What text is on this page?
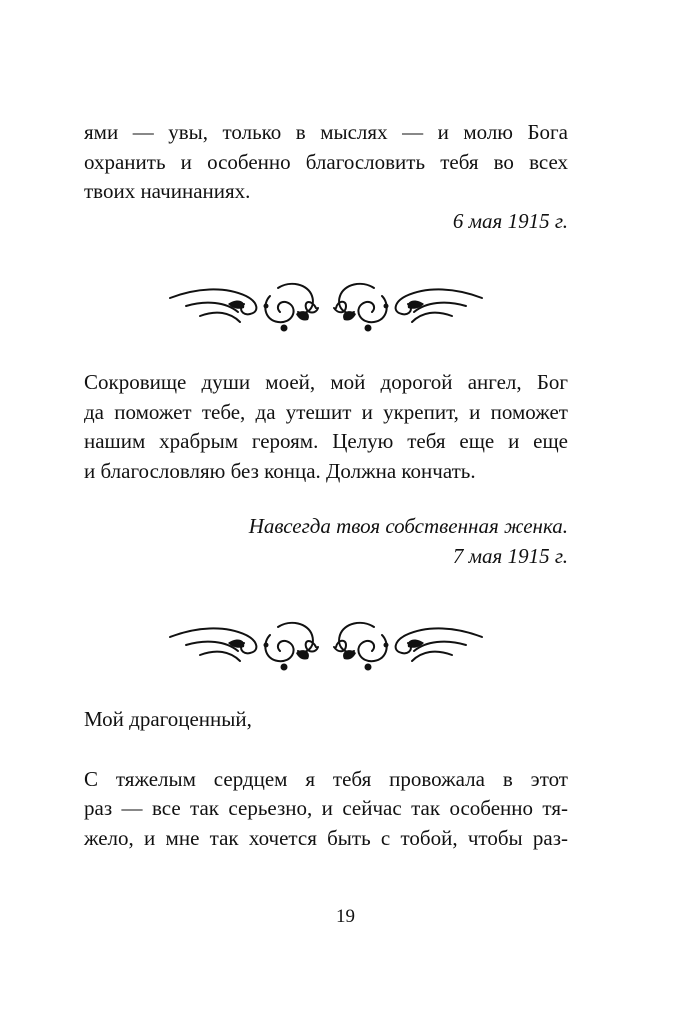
ями — увы, только в мыслях — и молю Бога
охранить и особенно благословить тебя во всех
твоих начинаниях.

6 мая 1915 г.

Сокровище души моей, мой дорогой ангел, Бог
да поможет тебе, да утешит и укрепит, и поможет
нашим храбрым героям. Целую тебя еще и еще
и благословляю без конца. Должна кончать.

Навсегда твоя собственная женка.
7 мая 1915 г.
Мой драгоценный,

С тяжелым сердцем я тебя провожала в этот
раз — все так серьезно, и сейчас так особенно тя-
жело, и мне так хочется быть с тобой, чтобы раз-

19
